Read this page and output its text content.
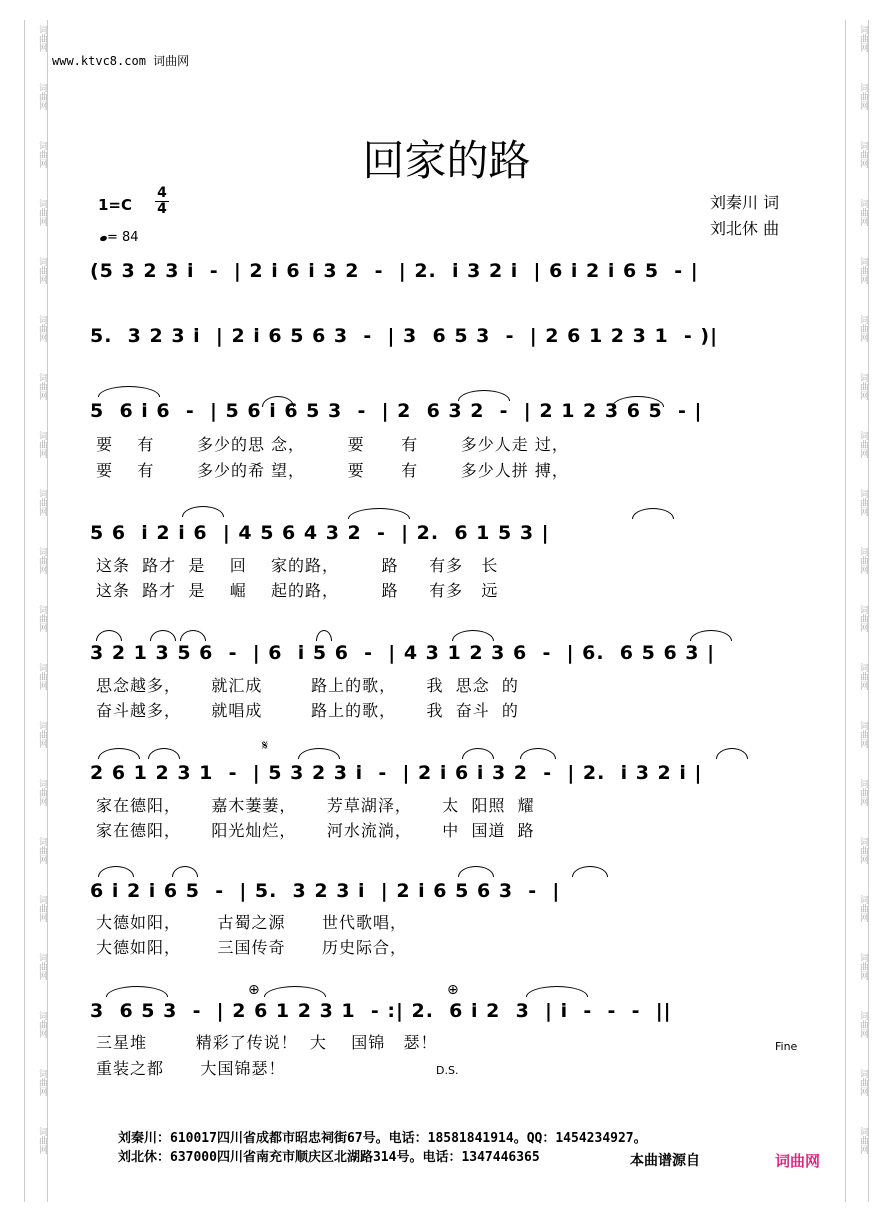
词曲网
词曲网
词曲网
词曲网
词曲网
词曲网
词曲网
词曲网
词曲网
词曲网
词曲网
词曲网
词曲网
词曲网
词曲网
词曲网
词曲网
词曲网
词曲网
词曲网
词曲网
词曲网
词曲网
词曲网
词曲网
词曲网
词曲网
词曲网
词曲网
词曲网
词曲网
词曲网
词曲网
词曲网
词曲网
词曲网
词曲网
词曲网
词曲网
词曲网
www.ktvc8.com 词曲网
回家的路
$1=C \frac{4}{4}$
= 84
刘秦川 词
刘北休 曲
(5 3 2 3 i  -  | 2 i 6 i 3 2  -  | 2.  i 3 2 i  | 6 i 2 i 6 5  - |
5.  3 2 3 i  | 2 i 6 5 6 3  -  | 3  6 5 3  -  | 2 6 1 2 3 1  - )|
5  6 i 6  -  | 5 6 i 6 5 3  -  | 2  6 3 2  -  | 2 1 2 3 6 5  - |
5 6  i 2 i 6  | 4 5 6 4 3 2  -  | 2.  6 1 5 3 |
3 2 1 3 5 6  -  | 6  i 5 6  -  | 4 3 1 2 3 6  -  | 6.  6 5 6 3 |
2 6 1 2 3 1  -  | 5 3 2 3 i  -  | 2 i 6 i 3 2  -  | 2.  i 3 2 i |
6 i 2 i 6 5  -  | 5.  3 2 3 i  | 2 i 6 5 6 3  -  |
3  6 5 3  -  | 2 6 1 2 3 1  - :| 2.  6 i 2  3  | i  -  -  -  ||
要    有       多少的思 念，       要      有       多少人走 过，
要    有       多少的希 望，       要      有       多少人拼 搏，
这条  路才  是    回    家的路，       路     有多   长
这条  路才  是    崛    起的路，       路     有多   远
思念越多，     就汇成        路上的歌，     我  思念  的
奋斗越多，     就唱成        路上的歌，     我  奋斗  的
家在德阳，     嘉木萋萋，     芳草湖泽，     太  阳照  耀
家在德阳，     阳光灿烂，     河水流淌，     中  国道  路
大德如阳，      古蜀之源      世代歌唱，
大德如阳，      三国传奇      历史际合，
三星堆        精彩了传说！  大    国锦   瑟！
重装之都      大国锦瑟！
Fine
D.S.
𝄋
⊕	⊕
刘秦川：610017四川省成都市昭忠祠街67号。电话：18581841914。QQ：1454234927。
刘北休：637000四川省南充市顺庆区北湖路314号。电话：1347446365	本曲谱源自	词曲网
